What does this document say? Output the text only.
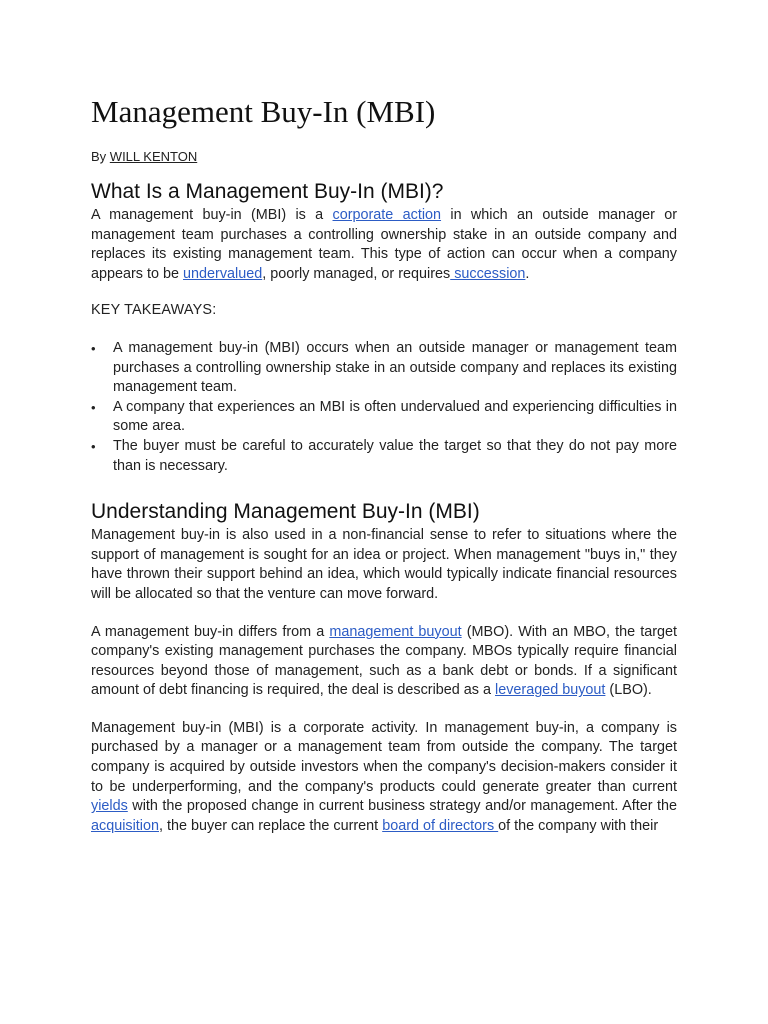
Management Buy-In (MBI)
By WILL KENTON
What Is a Management Buy-In (MBI)?

A management buy-in (MBI) is a corporate action in which an outside manager or management team purchases a controlling ownership stake in an outside company and replaces its existing management team. This type of action can occur when a company appears to be undervalued, poorly managed, or requires succession.

KEY TAKEAWAYS:

• A management buy-in (MBI) occurs when an outside manager or management team purchases a controlling ownership stake in an outside company and replaces its existing management team.
• A company that experiences an MBI is often undervalued and experiencing difficulties in some area.
• The buyer must be careful to accurately value the target so that they do not pay more than is necessary.
Understanding Management Buy-In (MBI)

Management buy-in is also used in a non-financial sense to refer to situations where the support of management is sought for an idea or project. When management "buys in," they have thrown their support behind an idea, which would typically indicate financial resources will be allocated so that the venture can move forward.

A management buy-in differs from a management buyout (MBO). With an MBO, the target company's existing management purchases the company. MBOs typically require financial resources beyond those of management, such as a bank debt or bonds. If a significant amount of debt financing is required, the deal is described as a leveraged buyout (LBO).

Management buy-in (MBI) is a corporate activity. In management buy-in, a company is purchased by a manager or a management team from outside the company. The target company is acquired by outside investors when the company's decision-makers consider it to be underperforming, and the company's products could generate greater than current yields with the proposed change in current business strategy and/or management. After the acquisition, the buyer can replace the current board of directors of the company with their
